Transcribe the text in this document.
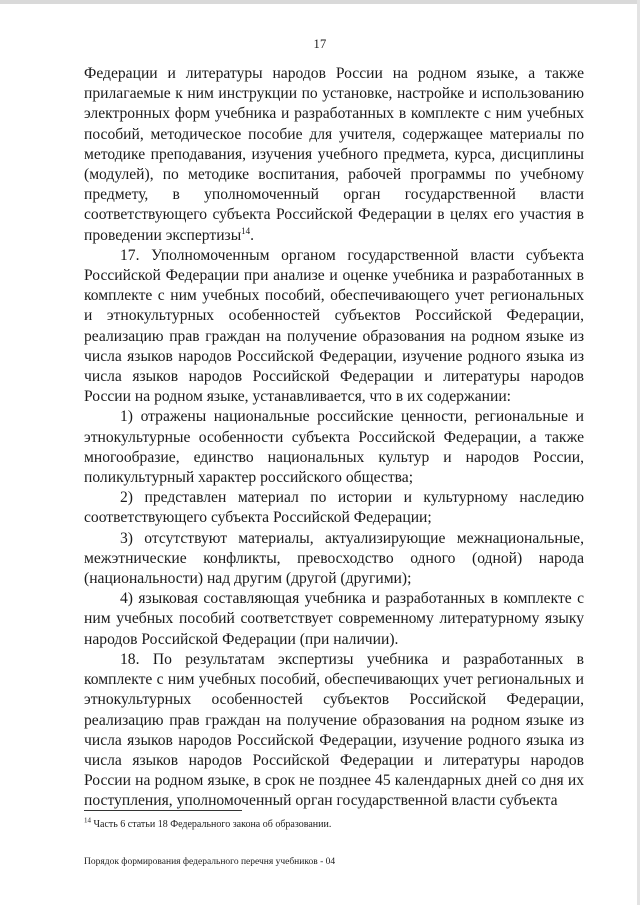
17

Федерации и литературы народов России на родном языке, а также прилагаемые к ним инструкции по установке, настройке и использованию электронных форм учебника и разработанных в комплекте с ним учебных пособий, методическое пособие для учителя, содержащее материалы по методике преподавания, изучения учебного предмета, курса, дисциплины (модулей), по методике воспитания, рабочей программы по учебному предмету, в уполномоченный орган государственной власти соответствующего субъекта Российской Федерации в целях его участия в проведении экспертизы$^{14}$.

17. Уполномоченным органом государственной власти субъекта Российской Федерации при анализе и оценке учебника и разработанных в комплекте с ним учебных пособий, обеспечивающего учет региональных и этнокультурных особенностей субъектов Российской Федерации, реализацию прав граждан на получение образования на родном языке из числа языков народов Российской Федерации, изучение родного языка из числа языков народов Российской Федерации и литературы народов России на родном языке, устанавливается, что в их содержании:

1) отражены национальные российские ценности, региональные и этнокультурные особенности субъекта Российской Федерации, а также многообразие, единство национальных культур и народов России, поликультурный характер российского общества;

2) представлен материал по истории и культурному наследию соответствующего субъекта Российской Федерации;

3) отсутствуют материалы, актуализирующие межнациональные, межэтнические конфликты, превосходство одного (одной) народа (национальности) над другим (другой (другими);

4) языковая составляющая учебника и разработанных в комплекте с ним учебных пособий соответствует современному литературному языку народов Российской Федерации (при наличии).

18. По результатам экспертизы учебника и разработанных в комплекте с ним учебных пособий, обеспечивающих учет региональных и этнокультурных особенностей субъектов Российской Федерации, реализацию прав граждан на получение образования на родном языке из числа языков народов Российской Федерации, изучение родного языка из числа языков народов Российской Федерации и литературы народов России на родном языке, в срок не позднее 45 календарных дней со дня их поступления, уполномоченный орган государственной власти субъекта

$^{14}$ Часть 6 статьи 18 Федерального закона об образовании.
Порядок формирования федерального перечня учебников - 04
